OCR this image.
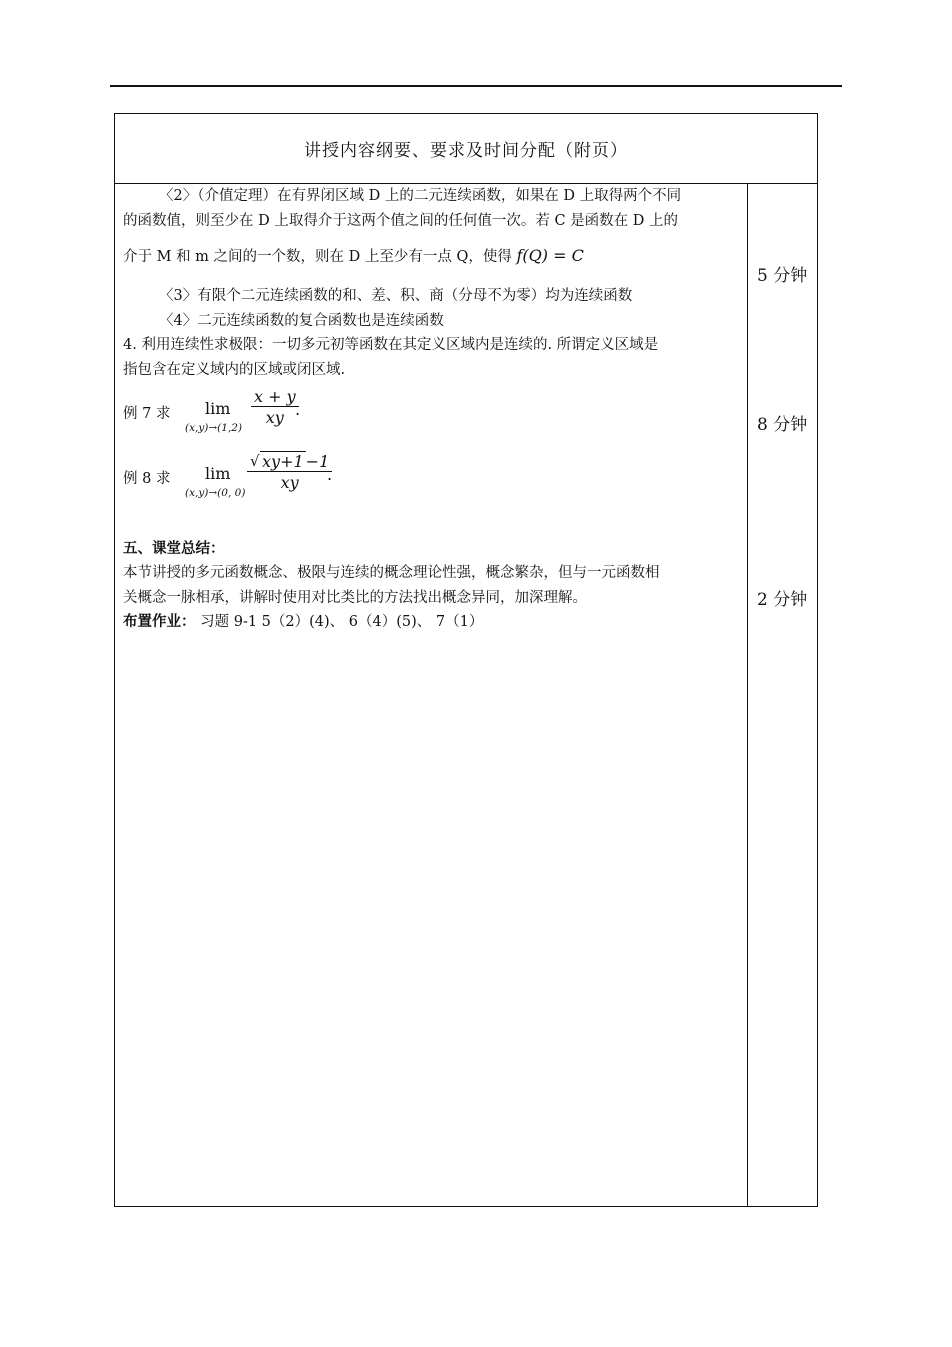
讲授内容纲要、要求及时间分配（附页）
〈2〉（介值定理）在有界闭区域 D 上的二元连续函数，如果在 D 上取得两个不同
的函数值，则至少在 D 上取得介于这两个值之间的任何值一次。若 C 是函数在 D 上的
介于 M 和 m 之间的一个数，则在 D 上至少有一点 Q，使得 f(Q) = C
〈3〉有限个二元连续函数的和、差、积、商（分母不为零）均为连续函数
〈4〉二元连续函数的复合函数也是连续函数
4. 利用连续性求极限：一切多元初等函数在其定义区域内是连续的. 所谓定义区域是
指包含在定义域内的区域或闭区域.
例 7 求 lim
$(x,y)\to(1,2) \frac{x + y}{xy}$
.
例 8 求 lim
(x,y)→(0, $0) \frac{√ xy+1 -1}{xy}$
.
五、课堂总结：
本节讲授的多元函数概念、极限与连续的概念理论性强，概念繁杂，但与一元函数相
关概念一脉相承，讲解时使用对比类比的方法找出概念异同，加深理解。
布置作业： 习题 9-1 5（2）(4)、 6（4）(5)、 7（1）
5 分钟
8 分钟
2 分钟
